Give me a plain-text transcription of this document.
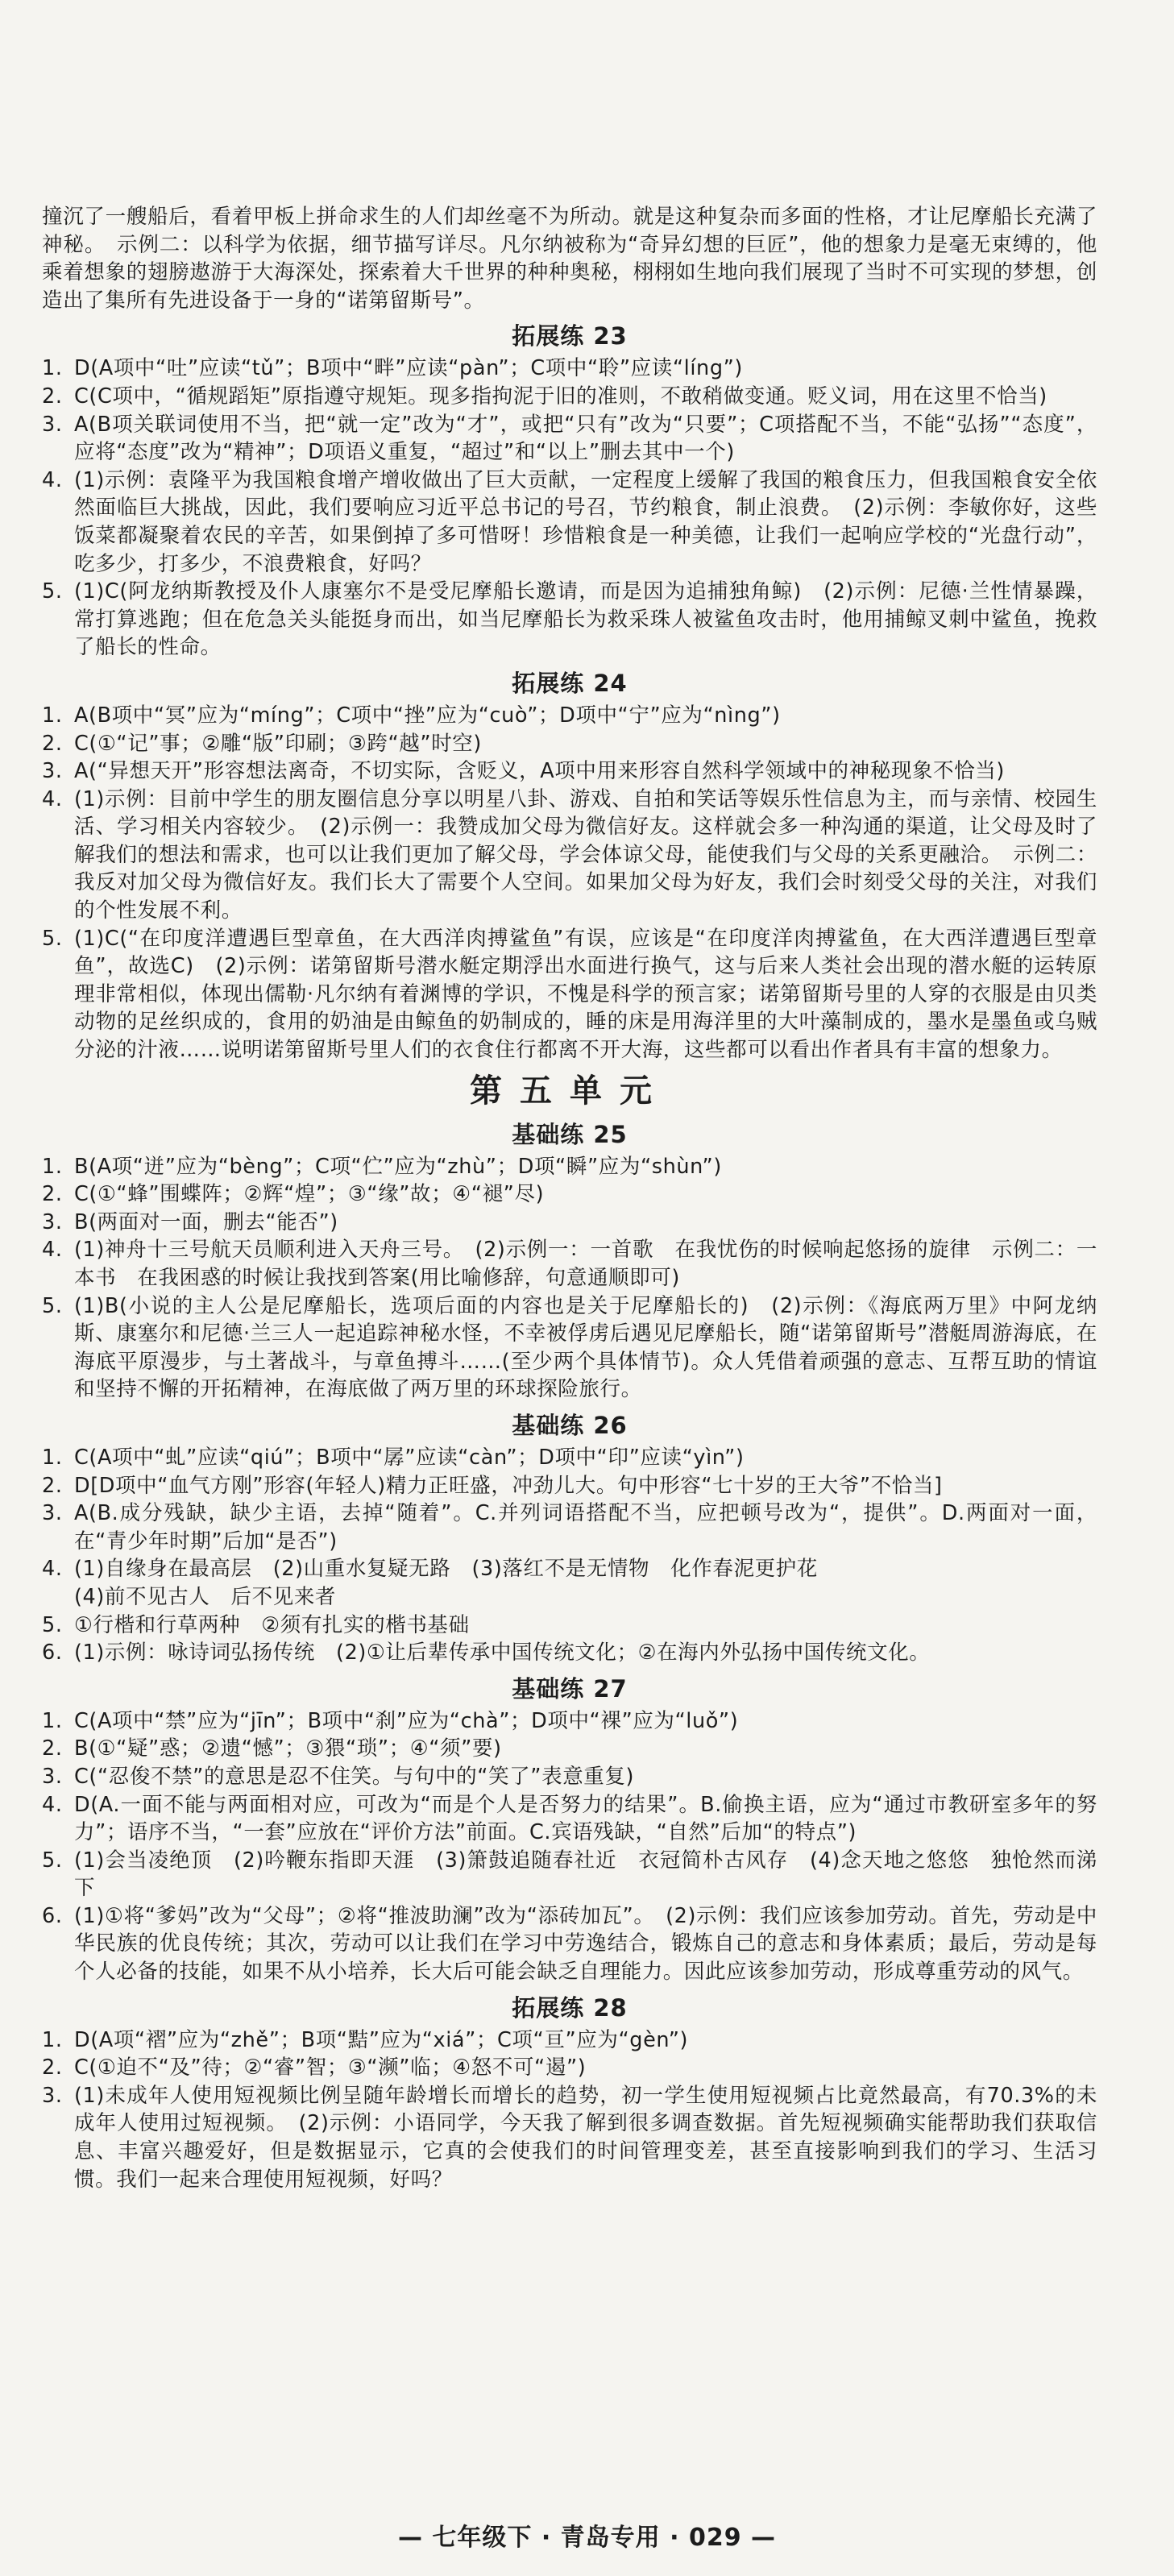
撞沉了一艘船后，看着甲板上拼命求生的人们却丝毫不为所动。就是这种复杂而多面的性格，才让尼摩船长充满了神秘。　示例二：以科学为依据，细节描写详尽。凡尔纳被称为“奇异幻想的巨匠”，他的想象力是毫无束缚的，他乘着想象的翅膀遨游于大海深处，探索着大千世界的种种奥秘，栩栩如生地向我们展现了当时不可实现的梦想，创造出了集所有先进设备于一身的“诺第留斯号”。

拓展练 23
1. D(A项中“吐”应读“tǔ”；B项中“畔”应读“pàn”；C项中“聆”应读“líng”)
2. C(C项中，“循规蹈矩”原指遵守规矩。现多指拘泥于旧的准则，不敢稍做变通。贬义词，用在这里不恰当)
3. A(B项关联词使用不当，把“就一定”改为“才”，或把“只有”改为“只要”；C项搭配不当，不能“弘扬”“态度”，应将“态度”改为“精神”；D项语义重复，“超过”和“以上”删去其中一个)
4. (1)示例：袁隆平为我国粮食增产增收做出了巨大贡献，一定程度上缓解了我国的粮食压力，但我国粮食安全依然面临巨大挑战，因此，我们要响应习近平总书记的号召，节约粮食，制止浪费。　(2)示例：李敏你好，这些饭菜都凝聚着农民的辛苦，如果倒掉了多可惜呀！珍惜粮食是一种美德，让我们一起响应学校的“光盘行动”，吃多少，打多少，不浪费粮食，好吗？
5. (1)C(阿龙纳斯教授及仆人康塞尔不是受尼摩船长邀请，而是因为追捕独角鲸)　(2)示例：尼德·兰性情暴躁，常打算逃跑；但在危急关头能挺身而出，如当尼摩船长为救采珠人被鲨鱼攻击时，他用捕鲸叉刺中鲨鱼，挽救了船长的性命。
拓展练 24
1. A(B项中“冥”应为“míng”；C项中“挫”应为“cuò”；D项中“宁”应为“nìng”)
2. C(①“记”事；②雕“版”印刷；③跨“越”时空)
3. A(“异想天开”形容想法离奇，不切实际，含贬义，A项中用来形容自然科学领域中的神秘现象不恰当)
4. (1)示例：目前中学生的朋友圈信息分享以明星八卦、游戏、自拍和笑话等娱乐性信息为主，而与亲情、校园生活、学习相关内容较少。　(2)示例一：我赞成加父母为微信好友。这样就会多一种沟通的渠道，让父母及时了解我们的想法和需求，也可以让我们更加了解父母，学会体谅父母，能使我们与父母的关系更融洽。　示例二：我反对加父母为微信好友。我们长大了需要个人空间。如果加父母为好友，我们会时刻受父母的关注，对我们的个性发展不利。
5. (1)C(“在印度洋遭遇巨型章鱼，在大西洋肉搏鲨鱼”有误，应该是“在印度洋肉搏鲨鱼，在大西洋遭遇巨型章鱼”，故选C)　(2)示例：诺第留斯号潜水艇定期浮出水面进行换气，这与后来人类社会出现的潜水艇的运转原理非常相似，体现出儒勒·凡尔纳有着渊博的学识，不愧是科学的预言家；诺第留斯号里的人穿的衣服是由贝类动物的足丝织成的，食用的奶油是由鲸鱼的奶制成的，睡的床是用海洋里的大叶藻制成的，墨水是墨鱼或乌贼分泌的汁液……说明诺第留斯号里人们的衣食住行都离不开大海，这些都可以看出作者具有丰富的想象力。
第五单元
基础练 25
1. B(A项“迸”应为“bèng”；C项“伫”应为“zhù”；D项“瞬”应为“shùn”)
2. C(①“蜂”围蝶阵；②辉“煌”；③“缘”故；④“褪”尽)
3. B(两面对一面，删去“能否”)
4. (1)神舟十三号航天员顺利进入天舟三号。　(2)示例一：一首歌　在我忧伤的时候响起悠扬的旋律　示例二：一本书　在我困惑的时候让我找到答案(用比喻修辞，句意通顺即可)
5. (1)B(小说的主人公是尼摩船长，选项后面的内容也是关于尼摩船长的)　(2)示例：《海底两万里》中阿龙纳斯、康塞尔和尼德·兰三人一起追踪神秘水怪，不幸被俘虏后遇见尼摩船长，随“诺第留斯号”潜艇周游海底，在海底平原漫步，与土著战斗，与章鱼搏斗……(至少两个具体情节)。众人凭借着顽强的意志、互帮互助的情谊和坚持不懈的开拓精神，在海底做了两万里的环球探险旅行。
基础练 26
1. C(A项中“虬”应读“qiú”；B项中“孱”应读“càn”；D项中“印”应读“yìn”)
2. D[D项中“血气方刚”形容(年轻人)精力正旺盛，冲劲儿大。句中形容“七十岁的王大爷”不恰当]
3. A(B.成分残缺，缺少主语，去掉“随着”。C.并列词语搭配不当，应把顿号改为“，提供”。D.两面对一面，在“青少年时期”后加“是否”)
4. (1)自缘身在最高层　(2)山重水复疑无路　(3)落红不是无情物　化作春泥更护花
(4)前不见古人　后不见来者
5. ①行楷和行草两种　②须有扎实的楷书基础
6. (1)示例：咏诗词弘扬传统　(2)①让后辈传承中国传统文化；②在海内外弘扬中国传统文化。
基础练 27
1. C(A项中“禁”应为“jīn”；B项中“刹”应为“chà”；D项中“裸”应为“luǒ”)
2. B(①“疑”惑；②遗“憾”；③猥“琐”；④“须”要)
3. C(“忍俊不禁”的意思是忍不住笑。与句中的“笑了”表意重复)
4. D(A.一面不能与两面相对应，可改为“而是个人是否努力的结果”。B.偷换主语，应为“通过市教研室多年的努力”；语序不当，“一套”应放在“评价方法”前面。C.宾语残缺，“自然”后加“的特点”)
5. (1)会当凌绝顶　(2)吟鞭东指即天涯　(3)箫鼓追随春社近　衣冠简朴古风存　(4)念天地之悠悠　独怆然而涕下
6. (1)①将“爹妈”改为“父母”；②将“推波助澜”改为“添砖加瓦”。　(2)示例：我们应该参加劳动。首先，劳动是中华民族的优良传统；其次，劳动可以让我们在学习中劳逸结合，锻炼自己的意志和身体素质；最后，劳动是每个人必备的技能，如果不从小培养，长大后可能会缺乏自理能力。因此应该参加劳动，形成尊重劳动的风气。
拓展练 28
1. D(A项“褶”应为“zhě”；B项“黠”应为“xiá”；C项“亘”应为“gèn”)
2. C(①迫不“及”待；②“睿”智；③“濒”临；④怒不可“遏”)
3. (1)未成年人使用短视频比例呈随年龄增长而增长的趋势，初一学生使用短视频占比竟然最高，有70.3%的未成年人使用过短视频。　(2)示例：小语同学，今天我了解到很多调查数据。首先短视频确实能帮助我们获取信息、丰富兴趣爱好，但是数据显示，它真的会使我们的时间管理变差，甚至直接影响到我们的学习、生活习惯。我们一起来合理使用短视频，好吗？
— 七年级下 · 青岛专用 · 029 —
